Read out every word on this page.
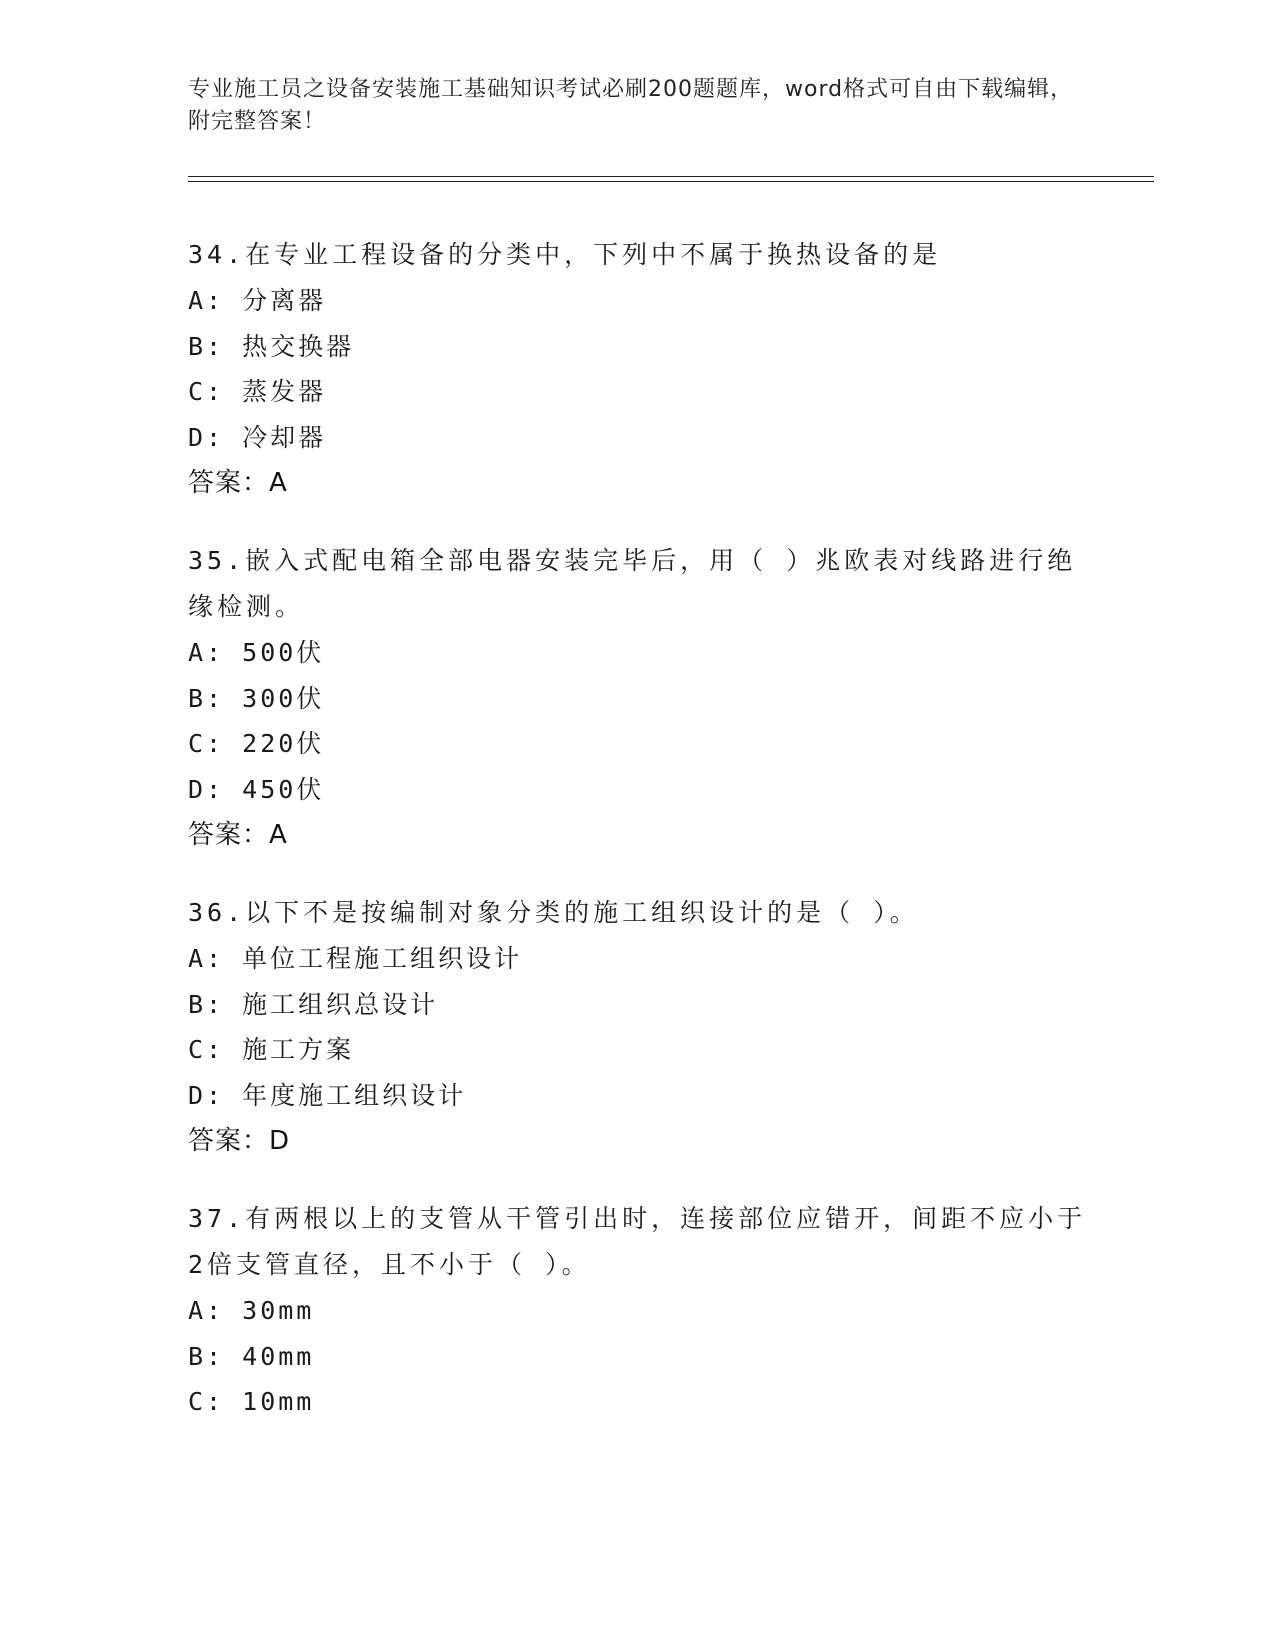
专业施工员之设备安装施工基础知识考试必刷200题题库，word格式可自由下载编辑，附完整答案！
34.在专业工程设备的分类中，下列中不属于换热设备的是
A: 分离器
B: 热交换器
C: 蒸发器
D: 冷却器
答案：A
35.嵌入式配电箱全部电器安装完毕后，用（ ）兆欧表对线路进行绝缘检测。
A: 500伏
B: 300伏
C: 220伏
D: 450伏
答案：A
36.以下不是按编制对象分类的施工组织设计的是（ ）。
A: 单位工程施工组织设计
B: 施工组织总设计
C: 施工方案
D: 年度施工组织设计
答案：D
37.有两根以上的支管从干管引出时，连接部位应错开，间距不应小于2倍支管直径，且不小于（ ）。
A: 30mm
B: 40mm
C: 10mm
